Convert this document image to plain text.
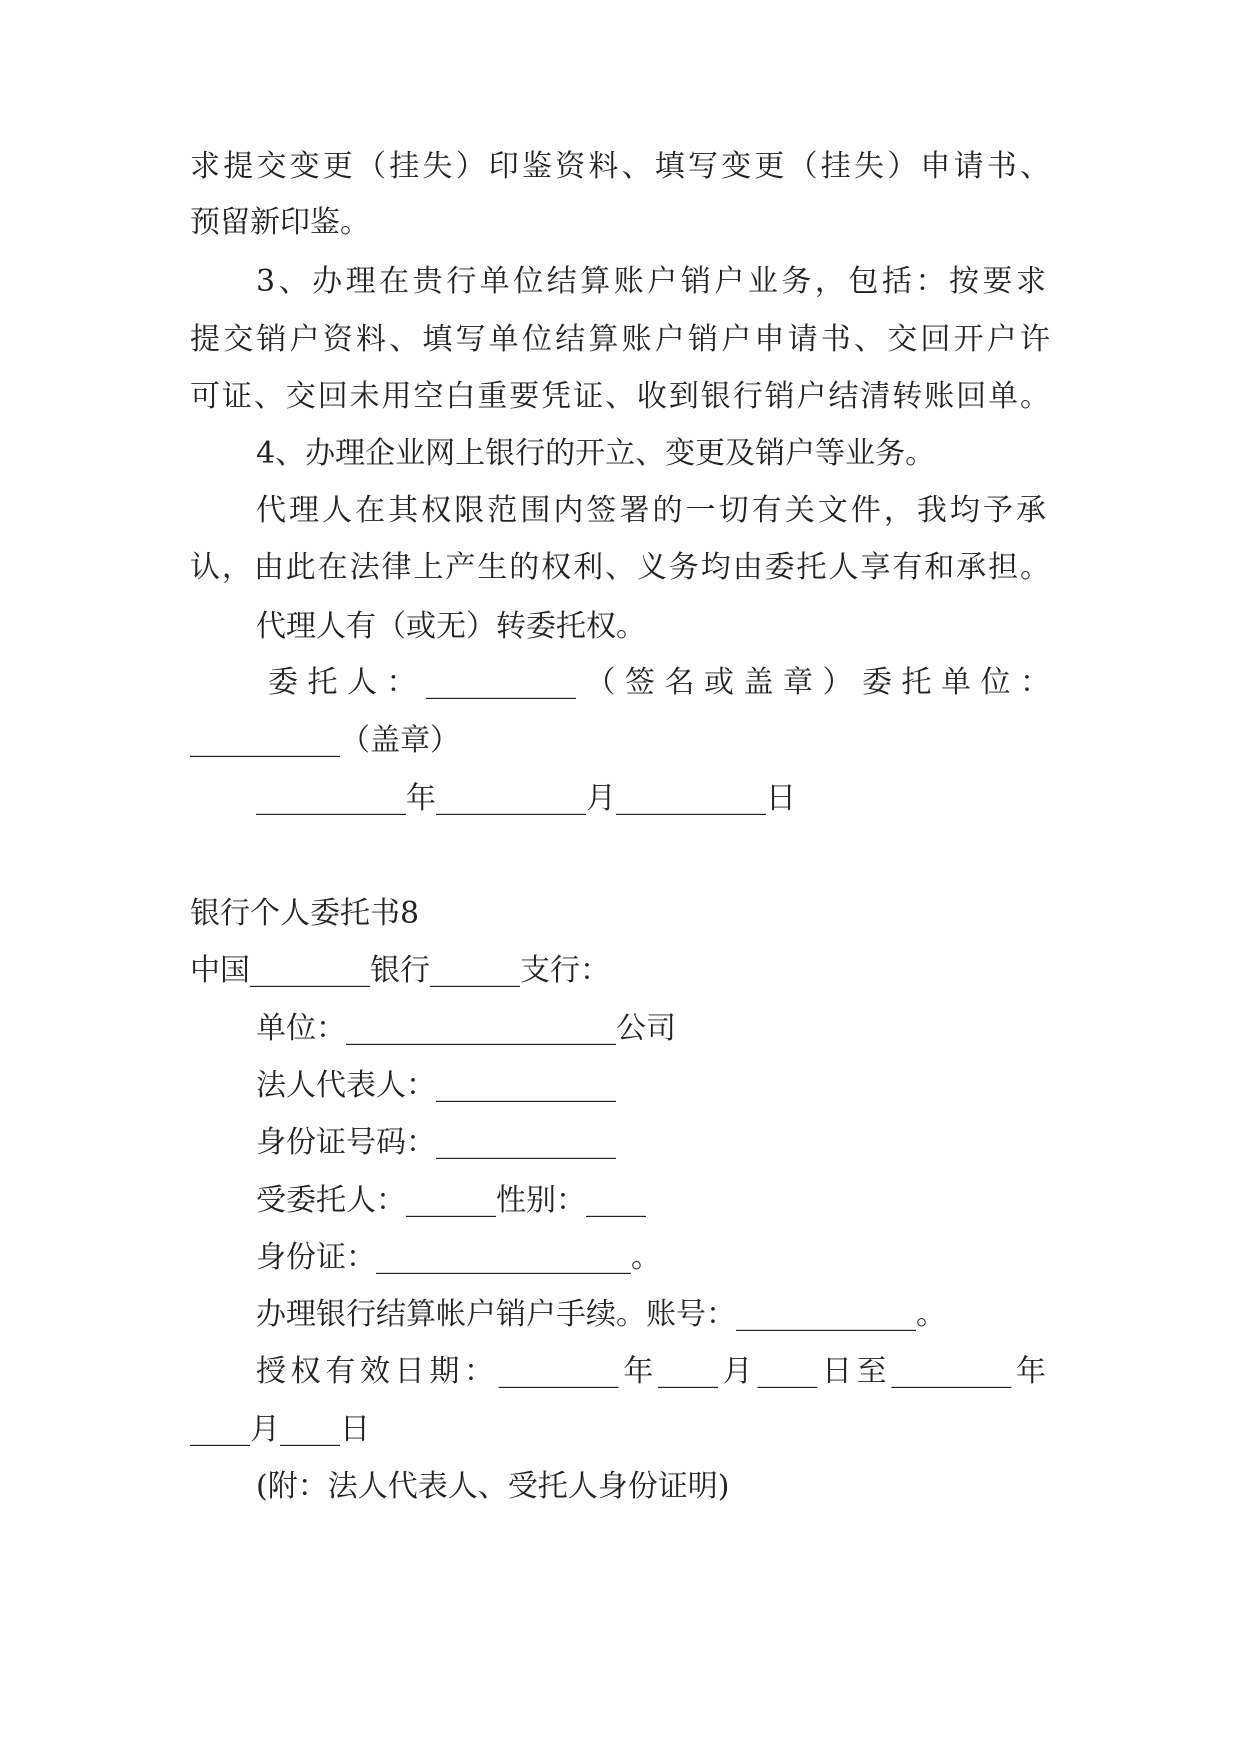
求提交变更（挂失）印鉴资料、填写变更（挂失）申请书、
预留新印鉴。
3、办理在贵行单位结算账户销户业务，包括：按要求
提交销户资料、填写单位结算账户销户申请书、交回开户许
可证、交回未用空白重要凭证、收到银行销户结清转账回单。
4、办理企业网上银行的开立、变更及销户等业务。
代理人在其权限范围内签署的一切有关文件，我均予承
认，由此在法律上产生的权利、义务均由委托人享有和承担。
代理人有（或无）转委托权。
委托人：__________（签名或盖章）委托单位：
__________（盖章）
__________年__________月__________日
银行个人委托书8
中国________银行______支行：
单位：__________________公司
法人代表人：____________
身份证号码：____________
受委托人：______性别：____
身份证：_________________。
办理银行结算帐户销户手续。账号：____________。
授权有效日期：________年____月____日至________年
____月____日
(附：法人代表人、受托人身份证明)
